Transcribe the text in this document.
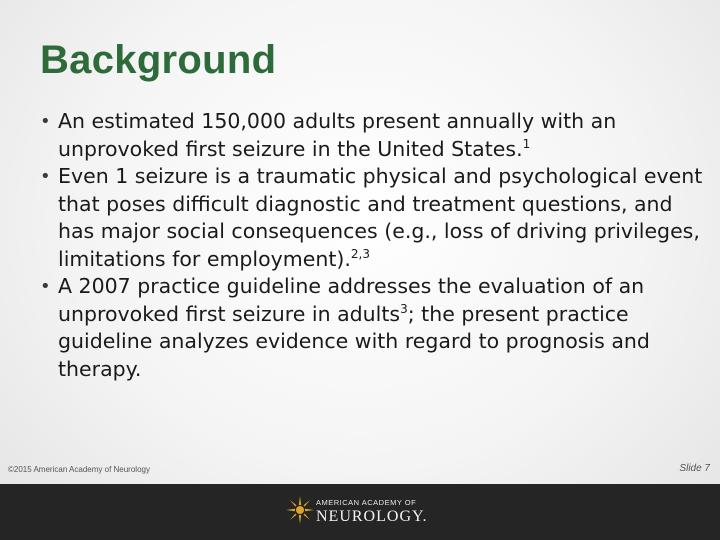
Background
• An estimated 150,000 adults present annually with an unprovoked first seizure in the United States.$^1$
• Even 1 seizure is a traumatic physical and psychological event that poses difficult diagnostic and treatment questions, and has major social consequences (e.g., loss of driving privileges, limitations for employment).$^{2,3}$
• A 2007 practice guideline addresses the evaluation of an unprovoked first seizure in adults$^3$; the present practice guideline analyzes evidence with regard to prognosis and therapy.
©2015 American Academy of Neurology	Slide 7
AMERICAN ACADEMY OF
NEUROLOGY.
